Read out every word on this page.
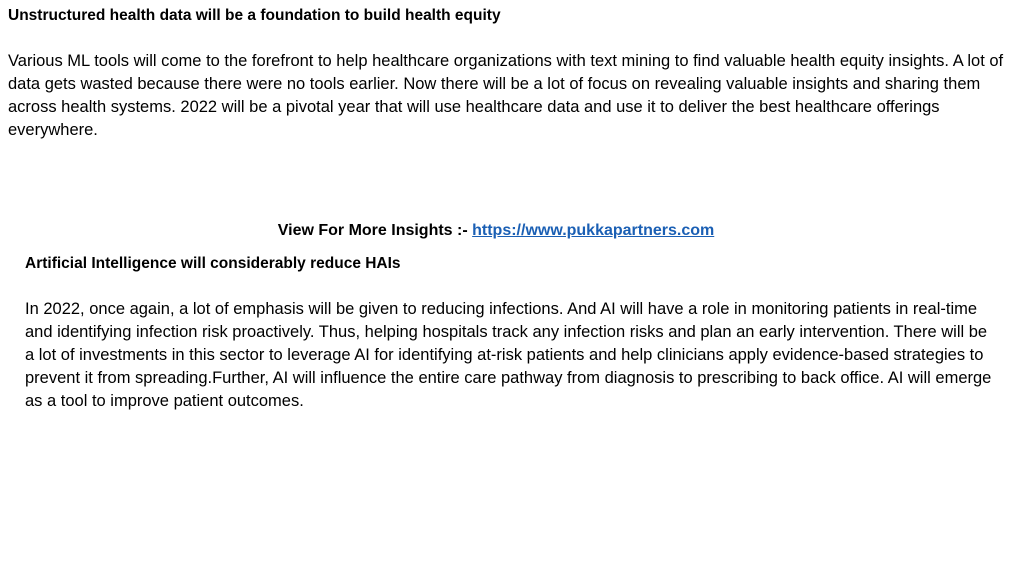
Unstructured health data will be a foundation to build health equity

Various ML tools will come to the forefront to help healthcare organizations with text mining to find valuable health equity insights. A lot of data gets wasted because there were no tools earlier. Now there will be a lot of focus on revealing valuable insights and sharing them across health systems. 2022 will be a pivotal year that will use healthcare data and use it to deliver the best healthcare offerings everywhere.

View For More Insights :- https://www.pukkapartners.com
Artificial Intelligence will considerably reduce HAIs

In 2022, once again, a lot of emphasis will be given to reducing infections. And AI will have a role in monitoring patients in real-time and identifying infection risk proactively. Thus, helping hospitals track any infection risks and plan an early intervention. There will be a lot of investments in this sector to leverage AI for identifying at-risk patients and help clinicians apply evidence-based strategies to prevent it from spreading.Further, AI will influence the entire care pathway from diagnosis to prescribing to back office. AI will emerge as a tool to improve patient outcomes.
